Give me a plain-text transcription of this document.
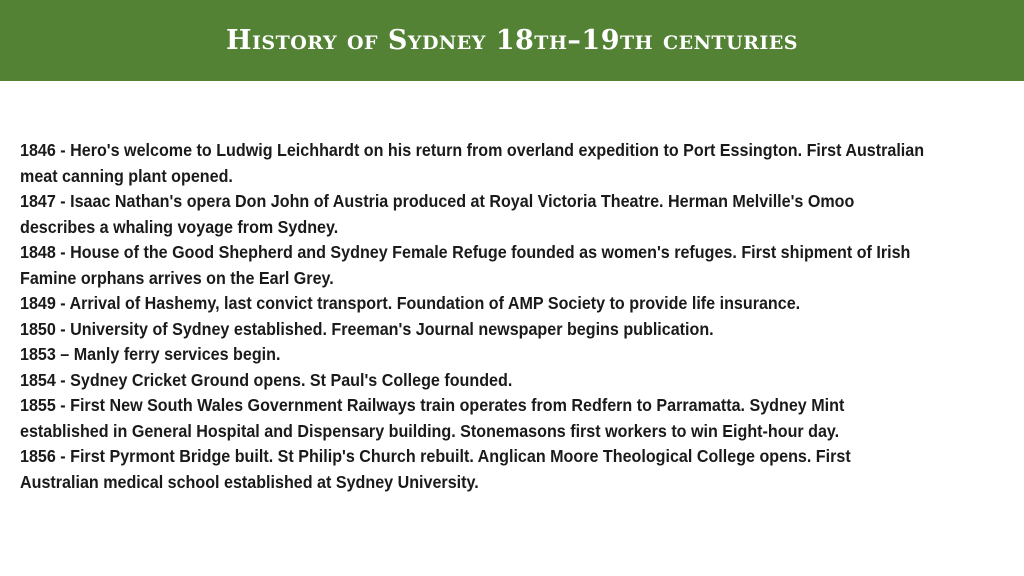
History of Sydney 18th–19th centuries

1846 - Hero's welcome to Ludwig Leichhardt on his return from overland expedition to Port Essington. First Australian meat canning plant opened.

1847 - Isaac Nathan's opera Don John of Austria produced at Royal Victoria Theatre. Herman Melville's Omoo describes a whaling voyage from Sydney.

1848 - House of the Good Shepherd and Sydney Female Refuge founded as women's refuges. First shipment of Irish Famine orphans arrives on the Earl Grey.

1849 - Arrival of Hashemy, last convict transport. Foundation of AMP Society to provide life insurance.

1850 - University of Sydney established. Freeman's Journal newspaper begins publication.

1853 – Manly ferry services begin.

1854 - Sydney Cricket Ground opens. St Paul's College founded.

1855 - First New South Wales Government Railways train operates from Redfern to Parramatta. Sydney Mint established in General Hospital and Dispensary building. Stonemasons first workers to win Eight-hour day.

1856 - First Pyrmont Bridge built. St Philip's Church rebuilt. Anglican Moore Theological College opens. First Australian medical school established at Sydney University.
